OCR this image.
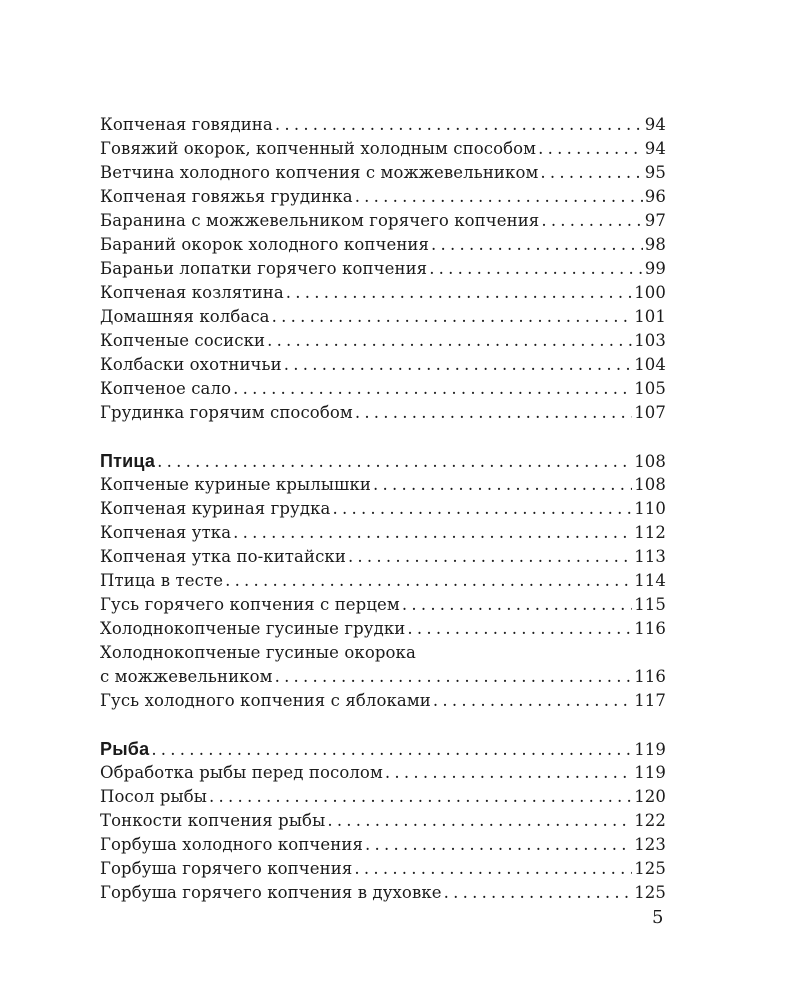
Копченая говядина . . .	94
Говяжий окорок, копченный холодным способом . . .	94
Ветчина холодного копчения с можжевельником . . .	95
Копченая говяжья грудинка . . .	96
Баранина с можжевельником горячего копчения . . .	97
Бараний окорок холодного копчения . . .	98
Бараньи лопатки горячего копчения . . .	99
Копченая козлятина . . .	100
Домашняя колбаса . . .	101
Копченые сосиски . . .	103
Колбаски охотничьи . . .	104
Копченое сало . . .	105
Грудинка горячим способом . . .	107
Птица . . .	108
Копченые куриные крылышки . . .	108
Копченая куриная грудка . . .	110
Копченая утка . . .	112
Копченая утка по-китайски . . .	113
Птица в тесте . . .	114
Гусь горячего копчения с перцем . . .	115
Холоднокопченые гусиные грудки . . .	116
Холоднокопченые гусиные окорока
с можжевельником . . .	116
Гусь холодного копчения с яблоками . . .	117
Рыба . . .	119
Обработка рыбы перед посолом . . .	119
Посол рыбы . . .	120
Тонкости копчения рыбы . . .	122
Горбуша холодного копчения . . .	123
Горбуша горячего копчения . . .	125
Горбуша горячего копчения в духовке . . .	125
5
